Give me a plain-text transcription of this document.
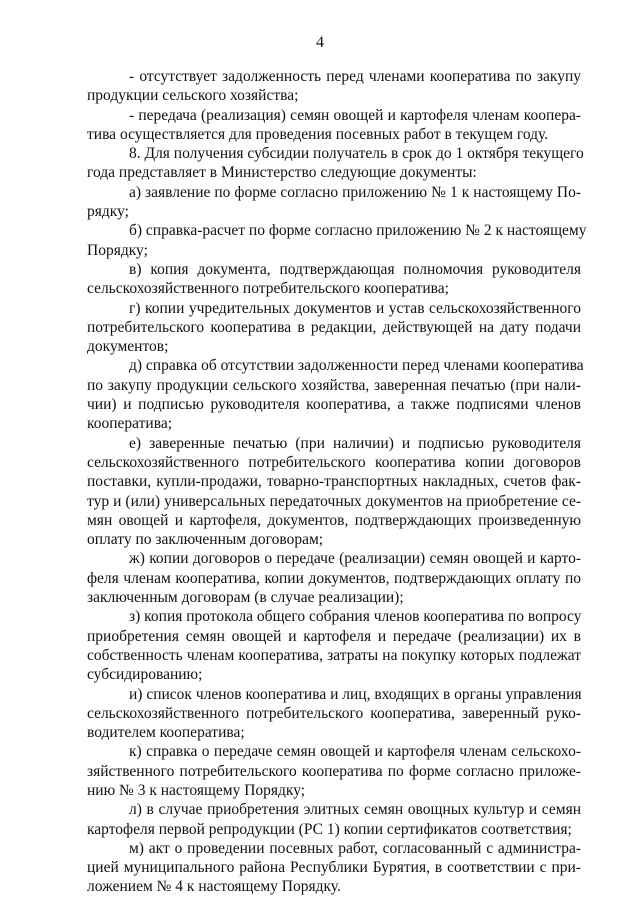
4
- отсутствует задолженность перед членами кооператива по закупу
продукции сельского хозяйства;
- передача (реализация) семян овощей и картофеля членам коопера-
тива осуществляется для проведения посевных работ в текущем году.
8. Для получения субсидии получатель в срок до 1 октября текущего
года представляет в Министерство следующие документы:
а) заявление по форме согласно приложению № 1 к настоящему По-
рядку;
б) справка-расчет по форме согласно приложению № 2 к настоящему
Порядку;
в) копия документа, подтверждающая полномочия руководителя
сельскохозяйственного потребительского кооператива;
г) копии учредительных документов и устав сельскохозяйственного
потребительского кооператива в редакции, действующей на дату подачи
документов;
д) справка об отсутствии задолженности перед членами кооператива
по закупу продукции сельского хозяйства, заверенная печатью (при нали-
чии) и подписью руководителя кооператива, а также подписями членов
кооператива;
е) заверенные печатью (при наличии) и подписью руководителя
сельскохозяйственного потребительского кооператива копии договоров
поставки, купли-продажи, товарно-транспортных накладных, счетов фак-
тур и (или) универсальных передаточных документов на приобретение се-
мян овощей и картофеля, документов, подтверждающих произведенную
оплату по заключенным договорам;
ж) копии договоров о передаче (реализации) семян овощей и карто-
феля членам кооператива, копии документов, подтверждающих оплату по
заключенным договорам (в случае реализации);
з) копия протокола общего собрания членов кооператива по вопросу
приобретения семян овощей и картофеля и передаче (реализации) их в
собственность членам кооператива, затраты на покупку которых подлежат
субсидированию;
и) список членов кооператива и лиц, входящих в органы управления
сельскохозяйственного потребительского кооператива, заверенный руко-
водителем кооператива;
к) справка о передаче семян овощей и картофеля членам сельскохо-
зяйственного потребительского кооператива по форме согласно приложе-
нию № 3 к настоящему Порядку;
л) в случае приобретения элитных семян овощных культур и семян
картофеля первой репродукции (РС 1) копии сертификатов соответствия;
м) акт о проведении посевных работ, согласованный с администра-
цией муниципального района Республики Бурятия, в соответствии с при-
ложением № 4 к настоящему Порядку.
